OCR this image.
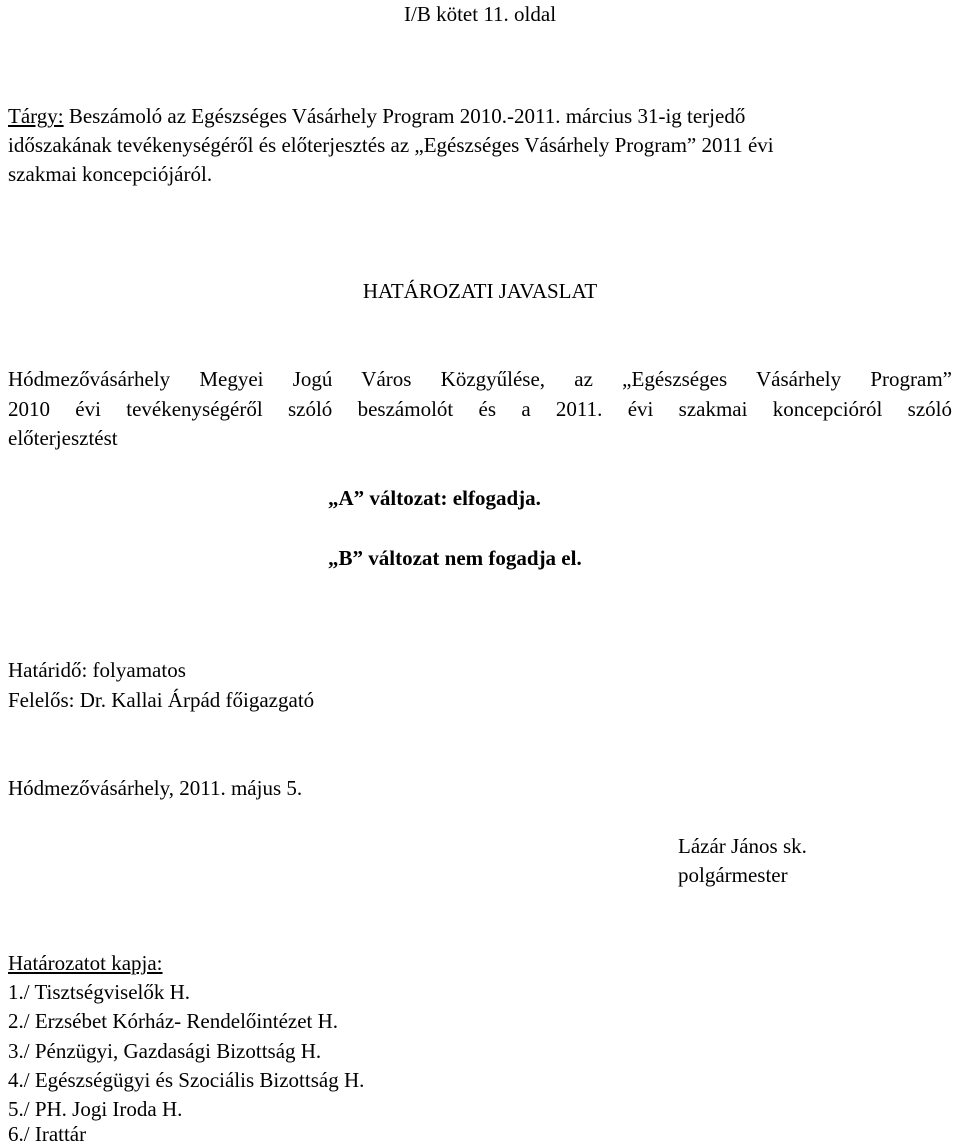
I/B kötet 11. oldal
Tárgy: Beszámoló az Egészséges Vásárhely Program 2010.-2011. március 31-ig terjedő
időszakának tevékenységéről és előterjesztés az „Egészséges Vásárhely Program” 2011 évi
szakmai koncepciójáról.
HATÁROZATI JAVASLAT
Hódmezővásárhely Megyei Jogú Város Közgyűlése, az „Egészséges Vásárhely Program”
2010 évi tevékenységéről szóló beszámolót és a 2011. évi szakmai koncepcióról szóló
előterjesztést
„A” változat: elfogadja.
„B” változat nem fogadja el.
Határidő: folyamatos
Felelős: Dr. Kallai Árpád főigazgató
Hódmezővásárhely, 2011. május 5.
Lázár János sk.
polgármester
Határozatot kapja:
1./ Tisztségviselők H.
2./ Erzsébet Kórház- Rendelőintézet H.
3./ Pénzügyi, Gazdasági Bizottság H.
4./ Egészségügyi és Szociális Bizottság H.
5./ PH. Jogi Iroda H.
6./ Irattár
